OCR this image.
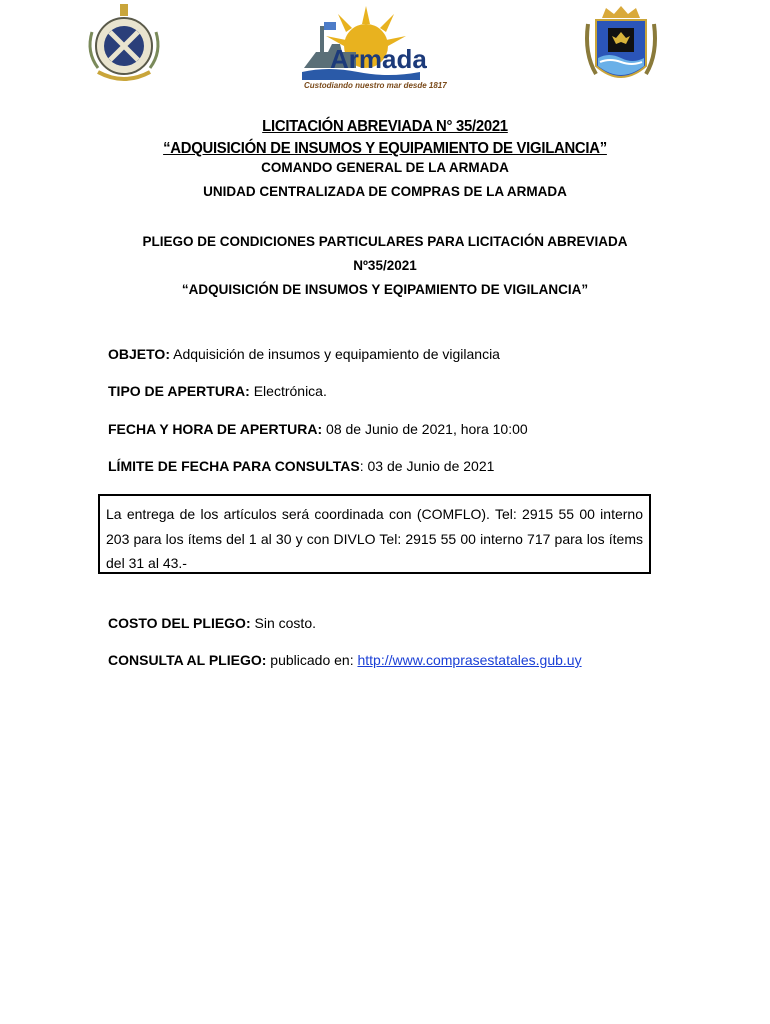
Armada
Custodiando nuestro mar desde 1817
LICITACIÓN ABREVIADA N° 35/2021
“ADQUISICIÓN DE INSUMOS Y EQUIPAMIENTO DE VIGILANCIA”
COMANDO GENERAL DE LA ARMADA
UNIDAD CENTRALIZADA DE COMPRAS DE LA ARMADA
PLIEGO DE CONDICIONES PARTICULARES PARA LICITACIÓN ABREVIADA
Nº35/2021
“ADQUISICIÓN DE INSUMOS Y EQIPAMIENTO DE VIGILANCIA”
OBJETO: Adquisición de insumos y equipamiento de vigilancia
TIPO DE APERTURA: Electrónica.
FECHA Y HORA DE APERTURA: 08 de Junio de 2021, hora 10:00
LÍMITE DE FECHA PARA CONSULTAS: 03 de Junio de 2021
La entrega de los artículos será coordinada con (COMFLO). Tel: 2915 55 00 interno 203 para los ítems del 1 al 30 y con DIVLO Tel: 2915 55 00 interno 717 para los ítems del 31 al 43.-
COSTO DEL PLIEGO: Sin costo.
CONSULTA AL PLIEGO: publicado en: http://www.comprasestatales.gub.uy
